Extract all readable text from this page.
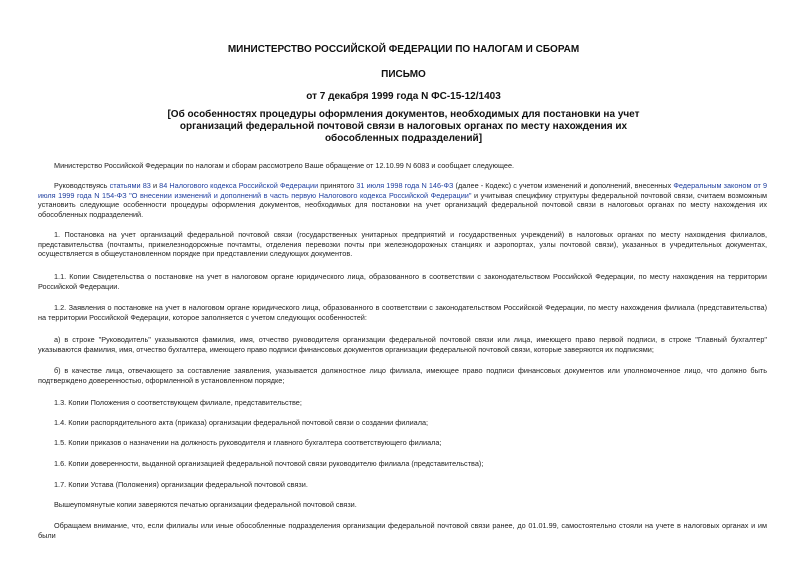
МИНИСТЕРСТВО РОССИЙСКОЙ ФЕДЕРАЦИИ ПО НАЛОГАМ И СБОРАМ
ПИСЬМО
от 7 декабря 1999 года N ФС-15-12/1403
[Об особенностях процедуры оформления документов, необходимых для постановки на учет организаций федеральной почтовой связи в налоговых органах по месту нахождения их обособленных подразделений]

Министерство Российской Федерации по налогам и сборам рассмотрело Ваше обращение от 12.10.99 N 6083 и сообщает следующее.

Руководствуясь статьями 83 и 84 Налогового кодекса Российской Федерации принятого 31 июля 1998 года N 146-ФЗ (далее - Кодекс) с учетом изменений и дополнений, внесенных Федеральным законом от 9 июля 1999 года N 154-ФЗ "О внесении изменений и дополнений в часть первую Налогового кодекса Российской Федерации" и учитывая специфику структуры федеральной почтовой связи, считаем возможным установить следующие особенности процедуры оформления документов, необходимых для постановки на учет организаций федеральной почтовой связи в налоговых органах по месту нахождения их обособленных подразделений.

1. Постановка на учет организаций федеральной почтовой связи (государственных унитарных предприятий и государственных учреждений) в налоговых органах по месту нахождения филиалов, представительства (почтамты, прижелезнодорожные почтамты, отделения перевозки почты при железнодорожных станциях и аэропортах, узлы почтовой связи), указанных в учредительных документах, осуществляется в общеустановленном порядке при представлении следующих документов.

1.1. Копии Свидетельства о постановке на учет в налоговом органе юридического лица, образованного в соответствии с законодательством Российской Федерации, по месту нахождения на территории Российской Федерации.

1.2. Заявления о постановке на учет в налоговом органе юридического лица, образованного в соответствии с законодательством Российской Федерации, по месту нахождения филиала (представительства) на территории Российской Федерации, которое заполняется с учетом следующих особенностей:

а) в строке "Руководитель" указываются фамилия, имя, отчество руководителя организации федеральной почтовой связи или лица, имеющего право первой подписи, в строке "Главный бухгалтер" указываются фамилия, имя, отчество бухгалтера, имеющего право подписи финансовых документов организации федеральной почтовой связи, которые заверяются их подписями;

б) в качестве лица, отвечающего за составление заявления, указывается должностное лицо филиала, имеющее право подписи финансовых документов или уполномоченное лицо, что должно быть подтверждено доверенностью, оформленной в установленном порядке;

1.3. Копии Положения о соответствующем филиале, представительстве;

1.4. Копии распорядительного акта (приказа) организации федеральной почтовой связи о создании филиала;

1.5. Копии приказов о назначении на должность руководителя и главного бухгалтера соответствующего филиала;

1.6. Копии доверенности, выданной организацией федеральной почтовой связи руководителю филиала (представительства);

1.7. Копии Устава (Положения) организации федеральной почтовой связи.

Вышеупомянутые копии заверяются печатью организации федеральной почтовой связи.

Обращаем внимание, что, если филиалы или иные обособленные подразделения организации федеральной почтовой связи ранее, до 01.01.99, самостоятельно стояли на учете в налоговых органах и им были
